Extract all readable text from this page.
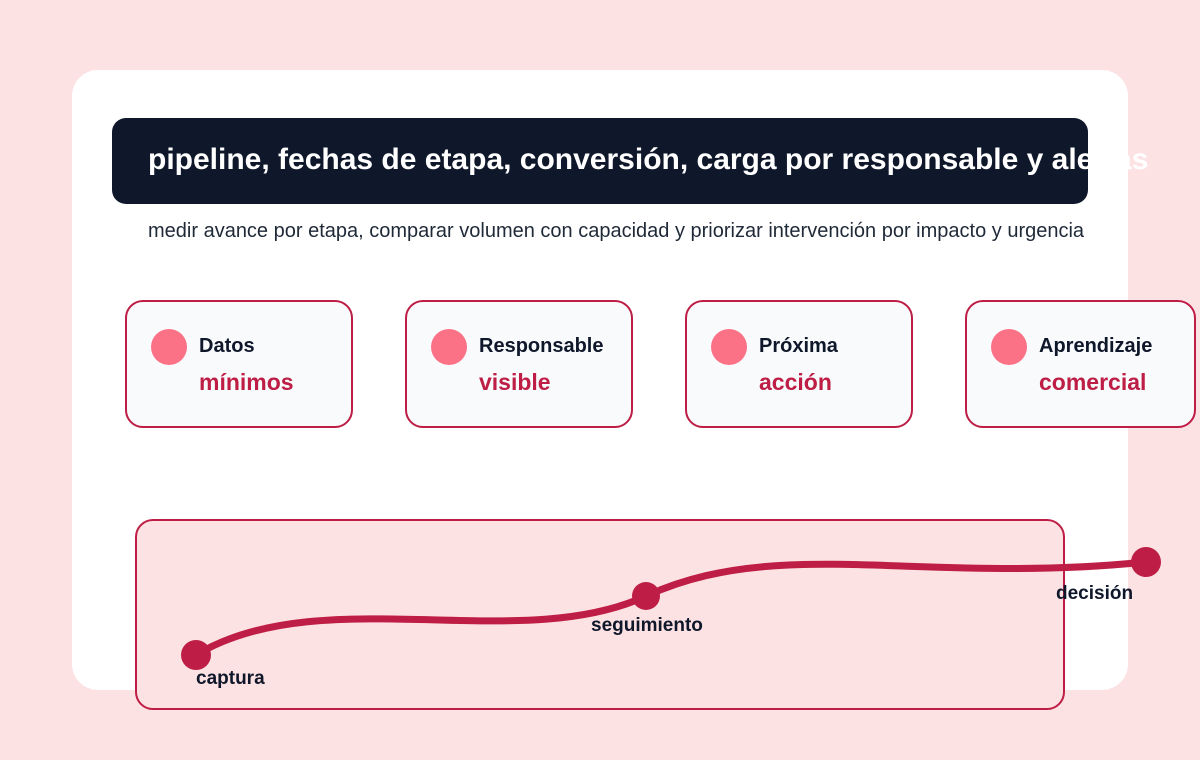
pipeline, fechas de etapa, conversión, carga por responsable y alertas
medir avance por etapa, comparar volumen con capacidad y priorizar intervención por impacto y urgencia
Datos
mínimos
Responsable
visible
Próxima
acción
Aprendizaje
comercial
captura
seguimiento
decisión
